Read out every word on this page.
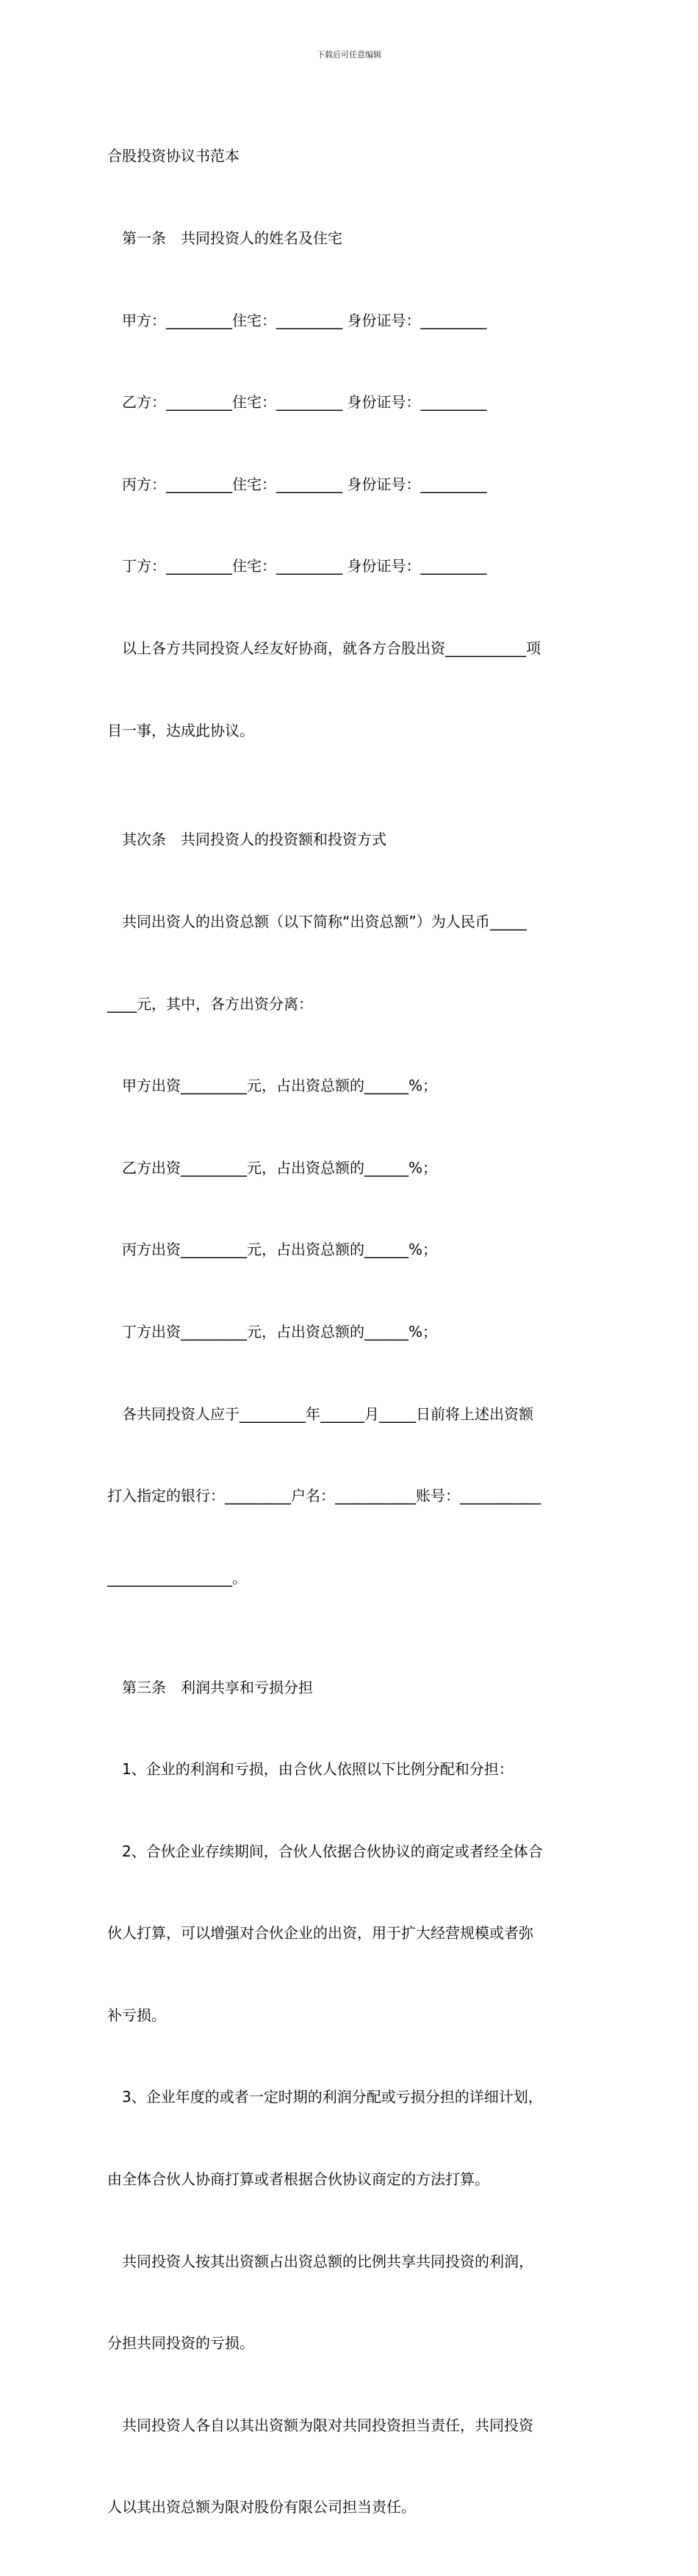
下载后可任意编辑

合股投资协议书范本

第一条　共同投资人的姓名及住宅

甲方：_________住宅：_________ 身份证号：_________

乙方：_________住宅：_________ 身份证号：_________

丙方：_________住宅：_________ 身份证号：_________

丁方：_________住宅：_________ 身份证号：_________

以上各方共同投资人经友好协商，就各方合股出资___________项

目一事，达成此协议。

其次条　共同投资人的投资额和投资方式

共同出资人的出资总额（以下简称“出资总额”）为人民币_____

____元，其中，各方出资分离：

甲方出资_________元，占出资总额的______%；

乙方出资_________元，占出资总额的______%；

丙方出资_________元，占出资总额的______%；

丁方出资_________元，占出资总额的______%；

各共同投资人应于_________年______月_____日前将上述出资额

打入指定的银行：_________户名：___________账号：___________

_________________。

第三条　利润共享和亏损分担

1、企业的利润和亏损，由合伙人依照以下比例分配和分担：

2、合伙企业存续期间，合伙人依据合伙协议的商定或者经全体合

伙人打算，可以增强对合伙企业的出资，用于扩大经营规模或者弥

补亏损。

3、企业年度的或者一定时期的利润分配或亏损分担的详细计划，

由全体合伙人协商打算或者根据合伙协议商定的方法打算。

共同投资人按其出资额占出资总额的比例共享共同投资的利润，

分担共同投资的亏损。

共同投资人各自以其出资额为限对共同投资担当责任，共同投资

人以其出资总额为限对股份有限公司担当责任。
